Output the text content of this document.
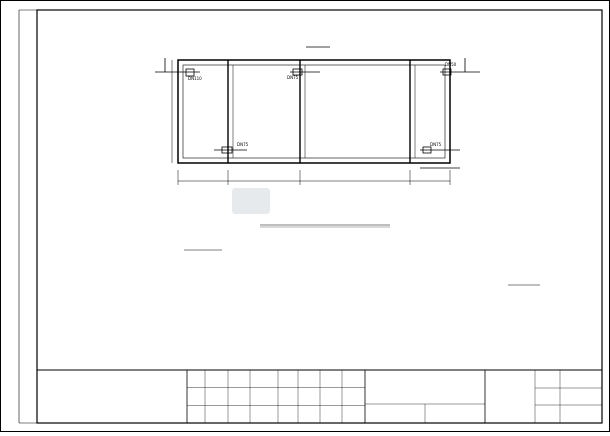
DN110	DN75
DN75	DN75
DN50
